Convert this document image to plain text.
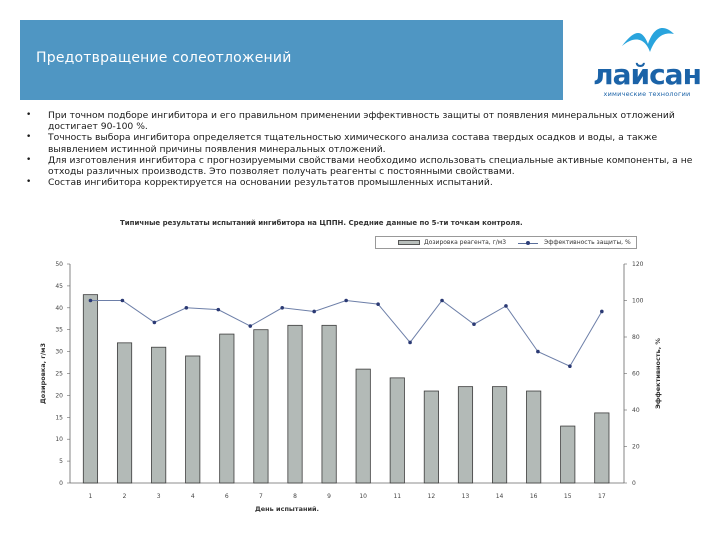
Предотвращение солеотложений	лайсан
химические технологии
• При точном подборе ингибитора и его правильном применении эффективность защиты от появления минеральных отложений достигает 90-100 %.
• Точность выбора ингибитора определяется тщательностью химического анализа состава твердых осадков и воды, а также выявлением истинной причины появления минеральных отложений.
• Для изготовления ингибитора с прогнозируемыми свойствами необходимо использовать специальные активные компоненты, а не отходы различных производств. Это позволяет получать реагенты с постоянными свойствами.
• Состав ингибитора корректируется на основании результатов промышленных испытаний.
Типичные результаты испытаний ингибитора на ЦППН. Средние данные по 5-ти точкам контроля.
Дозировка реагента, г/м3	Эффективность защиты, %
0
5
10
15
20
25
30
35
40
45
50
0
20
40
60
80
100
120
1	2	3	4	6	7	8	9	10	11	12	13	14	16	15	17
День испытаний.
Дозировка, г/м3	Эффективность, %
